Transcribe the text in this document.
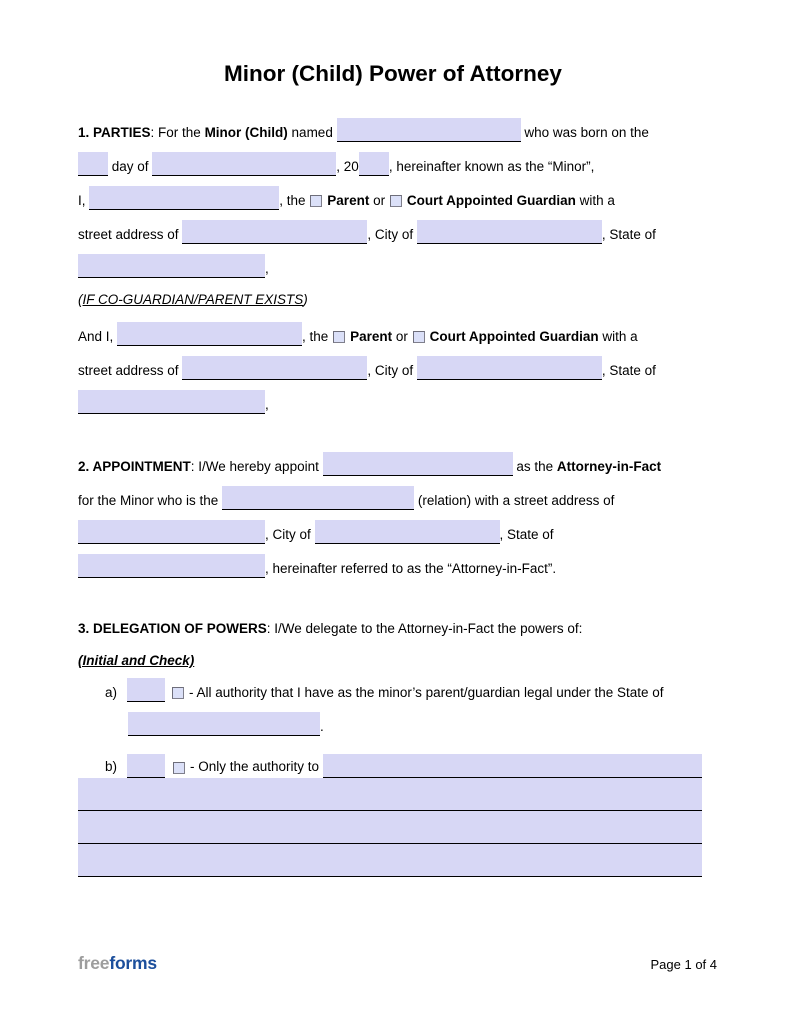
Minor (Child) Power of Attorney
1. PARTIES: For the Minor (Child) named	who was born on the
day of	, 20 , hereinafter known as the “Minor”,
I,	, the Parent or Court Appointed Guardian with a
street address of	, City of	, State of
,
(IF CO-GUARDIAN/PARENT EXISTS)
And I,	, the Parent or Court Appointed Guardian with a
street address of	, City of	, State of
,
2. APPOINTMENT: I/We hereby appoint	as the Attorney-in-Fact
for the Minor who is the	(relation) with a street address of
, City of	, State of
, hereinafter referred to as the “Attorney-in-Fact”.
3. DELEGATION OF POWERS: I/We delegate to the Attorney-in-Fact the powers of:
(Initial and Check)
a)	- All authority that I have as the minor’s parent/guardian legal under the State of
.
b)	- Only the authority to
freeforms	Page 1 of 4
